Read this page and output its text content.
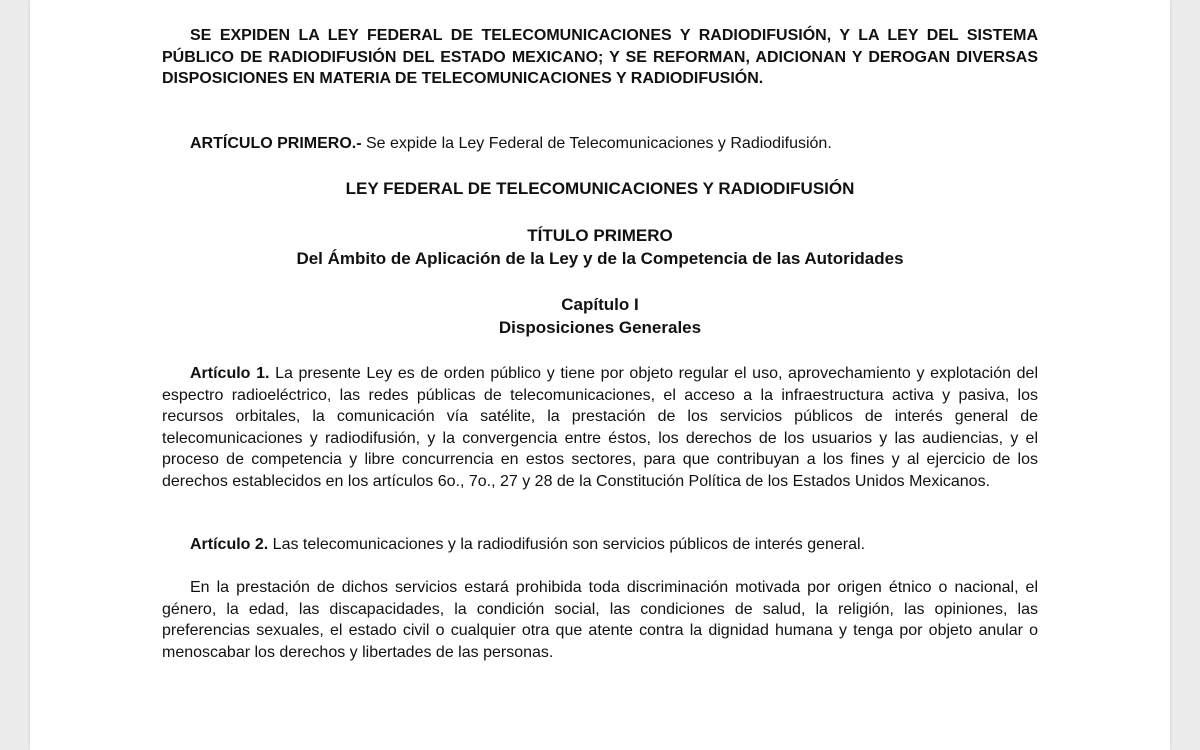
SE EXPIDEN LA LEY FEDERAL DE TELECOMUNICACIONES Y RADIODIFUSIÓN, Y LA LEY DEL SISTEMA PÚBLICO DE RADIODIFUSIÓN DEL ESTADO MEXICANO; Y SE REFORMAN, ADICIONAN Y DEROGAN DIVERSAS DISPOSICIONES EN MATERIA DE TELECOMUNICACIONES Y RADIODIFUSIÓN.

ARTÍCULO PRIMERO.- Se expide la Ley Federal de Telecomunicaciones y Radiodifusión.

LEY FEDERAL DE TELECOMUNICACIONES Y RADIODIFUSIÓN

TÍTULO PRIMERO

Del Ámbito de Aplicación de la Ley y de la Competencia de las Autoridades

Capítulo I

Disposiciones Generales

Artículo 1. La presente Ley es de orden público y tiene por objeto regular el uso, aprovechamiento y explotación del espectro radioeléctrico, las redes públicas de telecomunicaciones, el acceso a la infraestructura activa y pasiva, los recursos orbitales, la comunicación vía satélite, la prestación de los servicios públicos de interés general de telecomunicaciones y radiodifusión, y la convergencia entre éstos, los derechos de los usuarios y las audiencias, y el proceso de competencia y libre concurrencia en estos sectores, para que contribuyan a los fines y al ejercicio de los derechos establecidos en los artículos 6o., 7o., 27 y 28 de la Constitución Política de los Estados Unidos Mexicanos.

Artículo 2. Las telecomunicaciones y la radiodifusión son servicios públicos de interés general.

En la prestación de dichos servicios estará prohibida toda discriminación motivada por origen étnico o nacional, el género, la edad, las discapacidades, la condición social, las condiciones de salud, la religión, las opiniones, las preferencias sexuales, el estado civil o cualquier otra que atente contra la dignidad humana y tenga por objeto anular o menoscabar los derechos y libertades de las personas.
